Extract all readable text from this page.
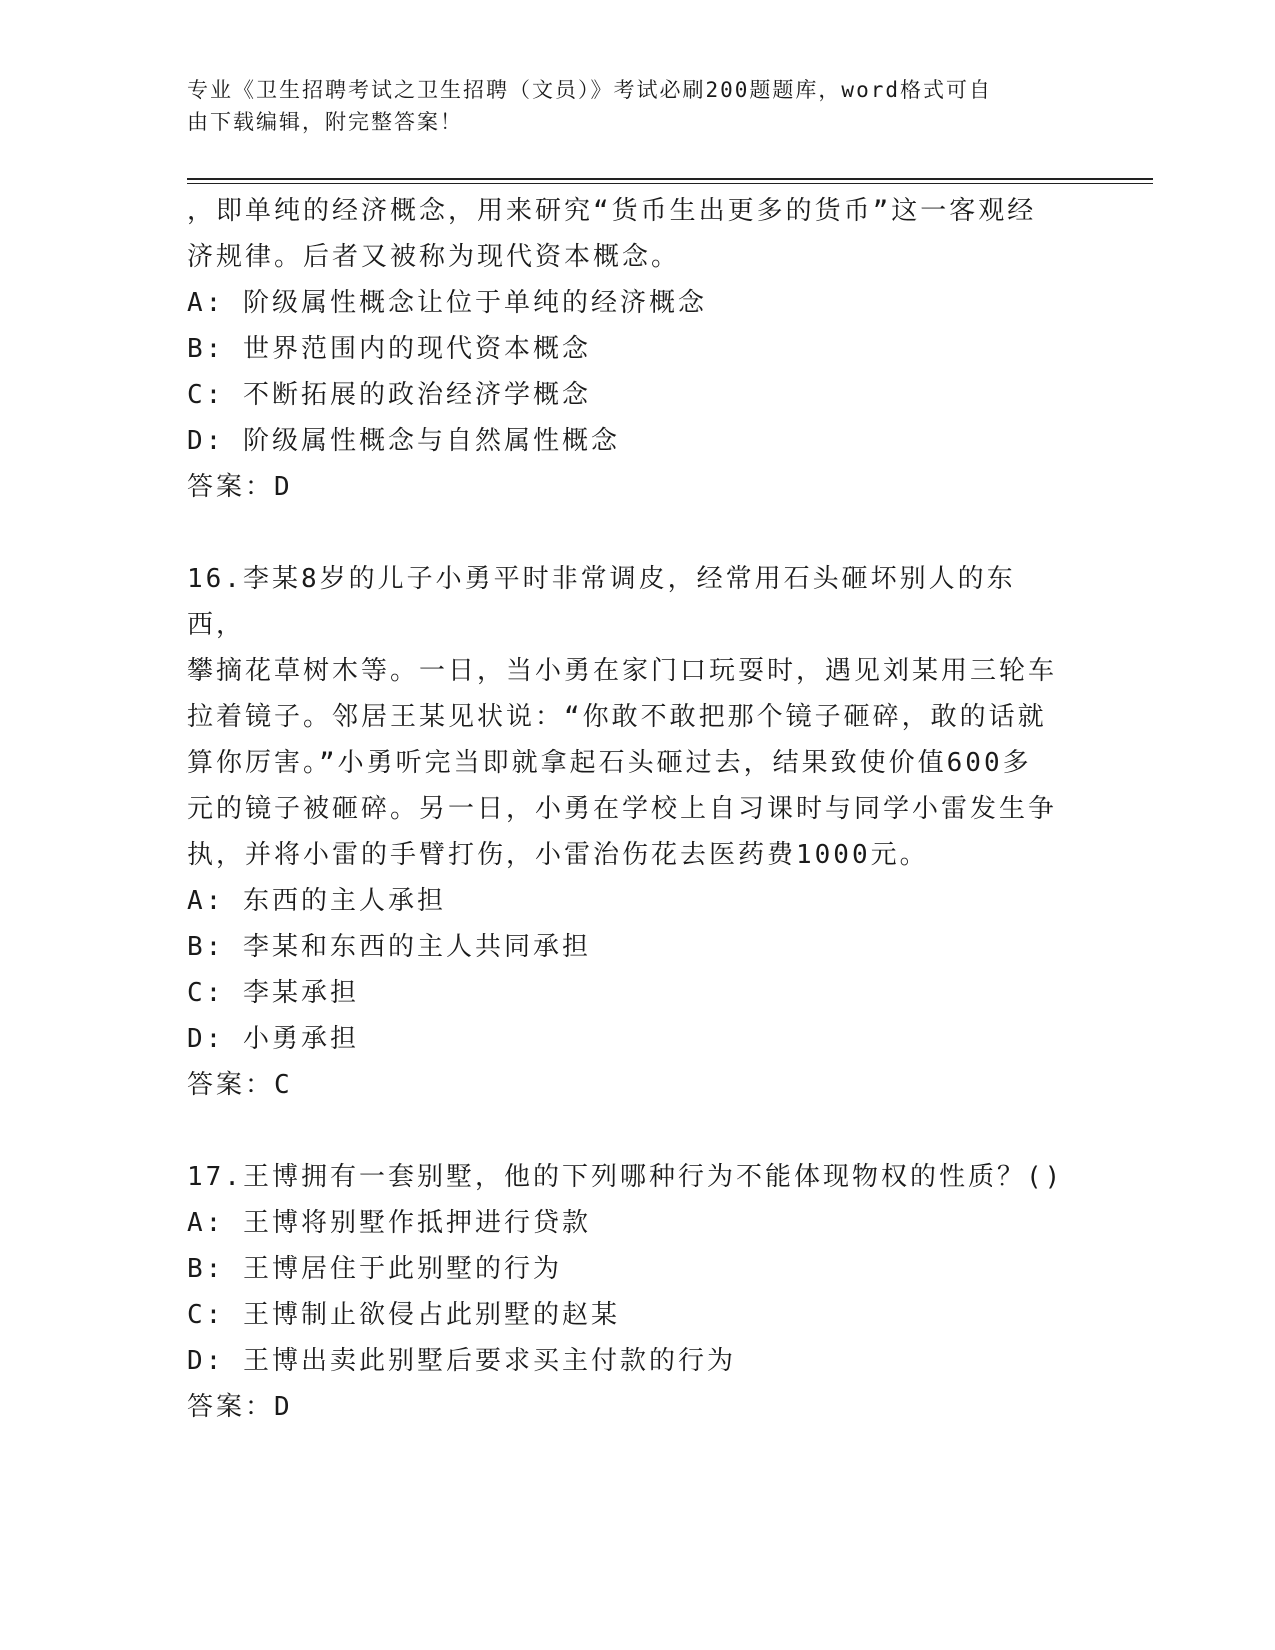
专业《卫生招聘考试之卫生招聘（文员）》考试必刷200题题库，word格式可自
由下载编辑，附完整答案！

，即单纯的经济概念，用来研究“货币生出更多的货币”这一客观经

济规律。后者又被称为现代资本概念。

A: 阶级属性概念让位于单纯的经济概念

B: 世界范围内的现代资本概念

C: 不断拓展的政治经济学概念

D: 阶级属性概念与自然属性概念

答案：D

16.李某8岁的儿子小勇平时非常调皮，经常用石头砸坏别人的东西，

攀摘花草树木等。一日，当小勇在家门口玩耍时，遇见刘某用三轮车

拉着镜子。邻居王某见状说：“你敢不敢把那个镜子砸碎，敢的话就

算你厉害。”小勇听完当即就拿起石头砸过去，结果致使价值600多

元的镜子被砸碎。另一日，小勇在学校上自习课时与同学小雷发生争

执，并将小雷的手臂打伤，小雷治伤花去医药费1000元。

A: 东西的主人承担

B: 李某和东西的主人共同承担

C: 李某承担

D: 小勇承担

答案：C

17.王博拥有一套别墅，他的下列哪种行为不能体现物权的性质？()

A: 王博将别墅作抵押进行贷款

B: 王博居住于此别墅的行为

C: 王博制止欲侵占此别墅的赵某

D: 王博出卖此别墅后要求买主付款的行为

答案：D
